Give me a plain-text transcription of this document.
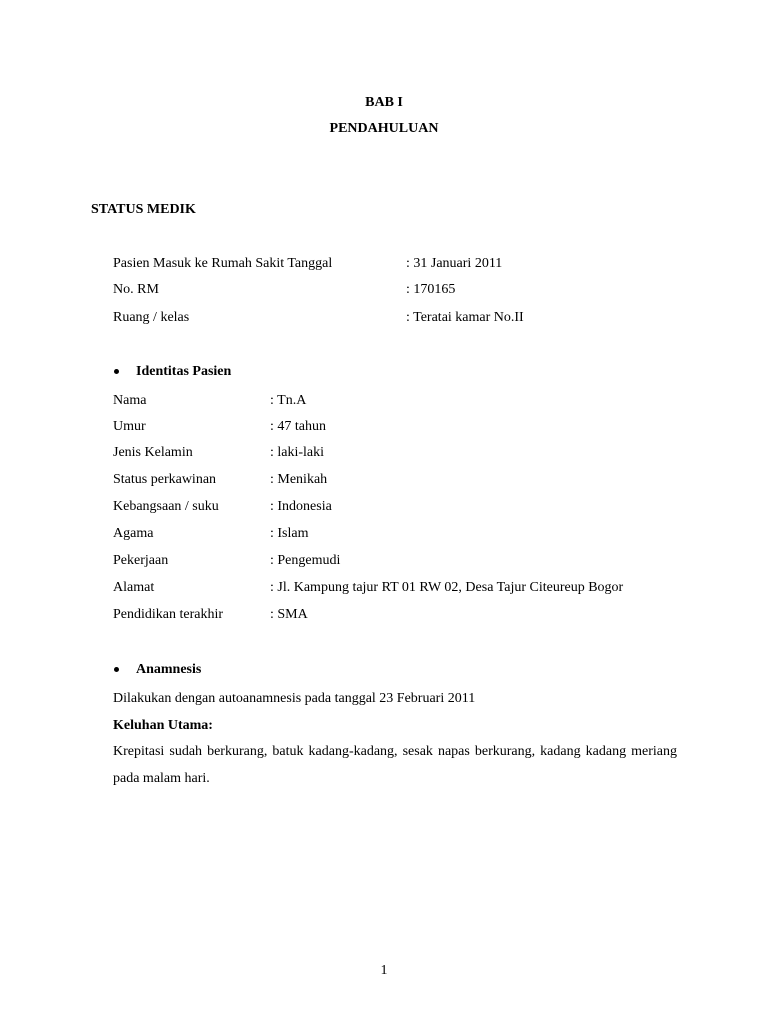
BAB I
PENDAHULUAN
STATUS MEDIK
Pasien Masuk ke Rumah Sakit Tanggal	: 31 Januari 2011
No. RM	: 170165
Ruang / kelas	: Teratai kamar No.II
Identitas Pasien
Nama	: Tn.A
Umur	: 47 tahun
Jenis Kelamin	: laki-laki
Status perkawinan	: Menikah
Kebangsaan / suku	: Indonesia
Agama	: Islam
Pekerjaan	: Pengemudi
Alamat	: Jl. Kampung tajur RT 01 RW 02, Desa Tajur Citeureup Bogor
Pendidikan terakhir	: SMA
Anamnesis
Dilakukan dengan autoanamnesis pada tanggal 23 Februari 2011
Keluhan Utama:
Krepitasi sudah berkurang, batuk kadang-kadang, sesak napas berkurang, kadang kadang meriang pada malam hari.
1
